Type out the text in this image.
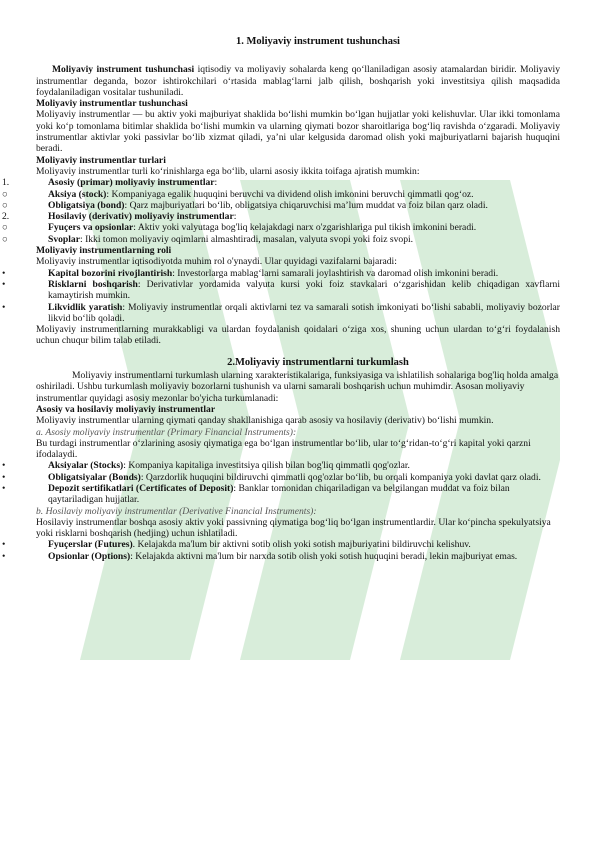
1. Moliyaviy instrument tushunchasi

Moliyaviy instrument tushunchasi iqtisodiy va moliyaviy sohalarda keng qo‘llaniladigan asosiy atamalardan biridir. Moliyaviy instrumentlar deganda, bozor ishtirokchilari o‘rtasida mablag‘larni jalb qilish, boshqarish yoki investitsiya qilish maqsadida foydalaniladigan vositalar tushuniladi.

Moliyaviy instrumentlar tushunchasi

Moliyaviy instrumentlar — bu aktiv yoki majburiyat shaklida bo‘lishi mumkin bo‘lgan hujjatlar yoki kelishuvlar. Ular ikki tomonlama yoki ko‘p tomonlama bitimlar shaklida bo‘lishi mumkin va ularning qiymati bozor sharoitlariga bog‘liq ravishda o‘zgaradi. Moliyaviy instrumentlar aktivlar yoki passivlar bo‘lib xizmat qiladi, ya’ni ular kelgusida daromad olish yoki majburiyatlarni bajarish huquqini beradi.

Moliyaviy instrumentlar turlari

Moliyaviy instrumentlar turli ko‘rinishlarga ega bo‘lib, ularni asosiy ikkita toifaga ajratish mumkin:

1.	Asosiy (primar) moliyaviy instrumentlar:

○	Aksiya (stock): Kompaniyaga egalik huquqini beruvchi va dividend olish imkonini beruvchi qimmatli qog‘oz.

○	Obligatsiya (bond): Qarz majburiyatlari bo‘lib, obligatsiya chiqaruvchisi ma’lum muddat va foiz bilan qarz oladi.

2.	Hosilaviy (derivativ) moliyaviy instrumentlar:

○	Fyuçers va opsionlar: Aktiv yoki valyutaga bog'liq kelajakdagi narx o'zgarishlariga pul tikish imkonini beradi.

○	Svoplar: Ikki tomon moliyaviy oqimlarni almashtiradi, masalan, valyuta svopi yoki foiz svopi.

Moliyaviy instrumentlarning roli

Moliyaviy instrumentlar iqtisodiyotda muhim rol o'ynaydi. Ular quyidagi vazifalarni bajaradi:

•	Kapital bozorini rivojlantirish: Investorlarga mablag‘larni samarali joylashtirish va daromad olish imkonini beradi.

•	Risklarni boshqarish: Derivativlar yordamida valyuta kursi yoki foiz stavkalari o‘zgarishidan kelib chiqadigan xavflarni kamaytirish mumkin.

•	Likvidlik yaratish: Moliyaviy instrumentlar orqali aktivlarni tez va samarali sotish imkoniyati bo‘lishi sababli, moliyaviy bozorlar likvid bo‘lib qoladi.

Moliyaviy instrumentlarning murakkabligi va ulardan foydalanish qoidalari o‘ziga xos, shuning uchun ulardan to‘g‘ri foydalanish uchun chuqur bilim talab etiladi.

2.Moliyaviy instrumentlarni turkumlash

Moliyaviy instrumentlarni turkumlash ularning xarakteristikalariga, funksiyasiga va ishlatilish sohalariga bog'liq holda amalga oshiriladi. Ushbu turkumlash moliyaviy bozorlarni tushunish va ularni samarali boshqarish uchun muhimdir. Asosan moliyaviy instrumentlar quyidagi asosiy mezonlar bo'yicha turkumlanadi:

Asosiy va hosilaviy moliyaviy instrumentlar

Moliyaviy instrumentlar ularning qiymati qanday shakllanishiga qarab asosiy va hosilaviy (derivativ) bo‘lishi mumkin.

a. Asosiy moliyaviy instrumentlar (Primary Financial Instruments):

Bu turdagi instrumentlar o‘zlarining asosiy qiymatiga ega bo‘lgan instrumentlar bo‘lib, ular to‘g‘ridan-to‘g‘ri kapital yoki qarzni ifodalaydi.

•	Aksiyalar (Stocks): Kompaniya kapitaliga investitsiya qilish bilan bog'liq qimmatli qog'ozlar.

•	Obligatsiyalar (Bonds): Qarzdorlik huquqini bildiruvchi qimmatli qog'ozlar bo‘lib, bu orqali kompaniya yoki davlat qarz oladi.

•	Depozit sertifikatlari (Certificates of Deposit): Banklar tomonidan chiqariladigan va belgilangan muddat va foiz bilan qaytariladigan hujjatlar.

b. Hosilaviy moliyaviy instrumentlar (Derivative Financial Instruments):

Hosilaviy instrumentlar boshqa asosiy aktiv yoki passivning qiymatiga bog‘liq bo‘lgan instrumentlardir. Ular ko‘pincha spekulyatsiya yoki risklarni boshqarish (hedjing) uchun ishlatiladi.

•	Fyuçerslar (Futures). Kelajakda ma'lum bir aktivni sotib olish yoki sotish majburiyatini bildiruvchi kelishuv.

•	Opsionlar (Options): Kelajakda aktivni ma'lum bir narxda sotib olish yoki sotish huquqini beradi, lekin majburiyat emas.
